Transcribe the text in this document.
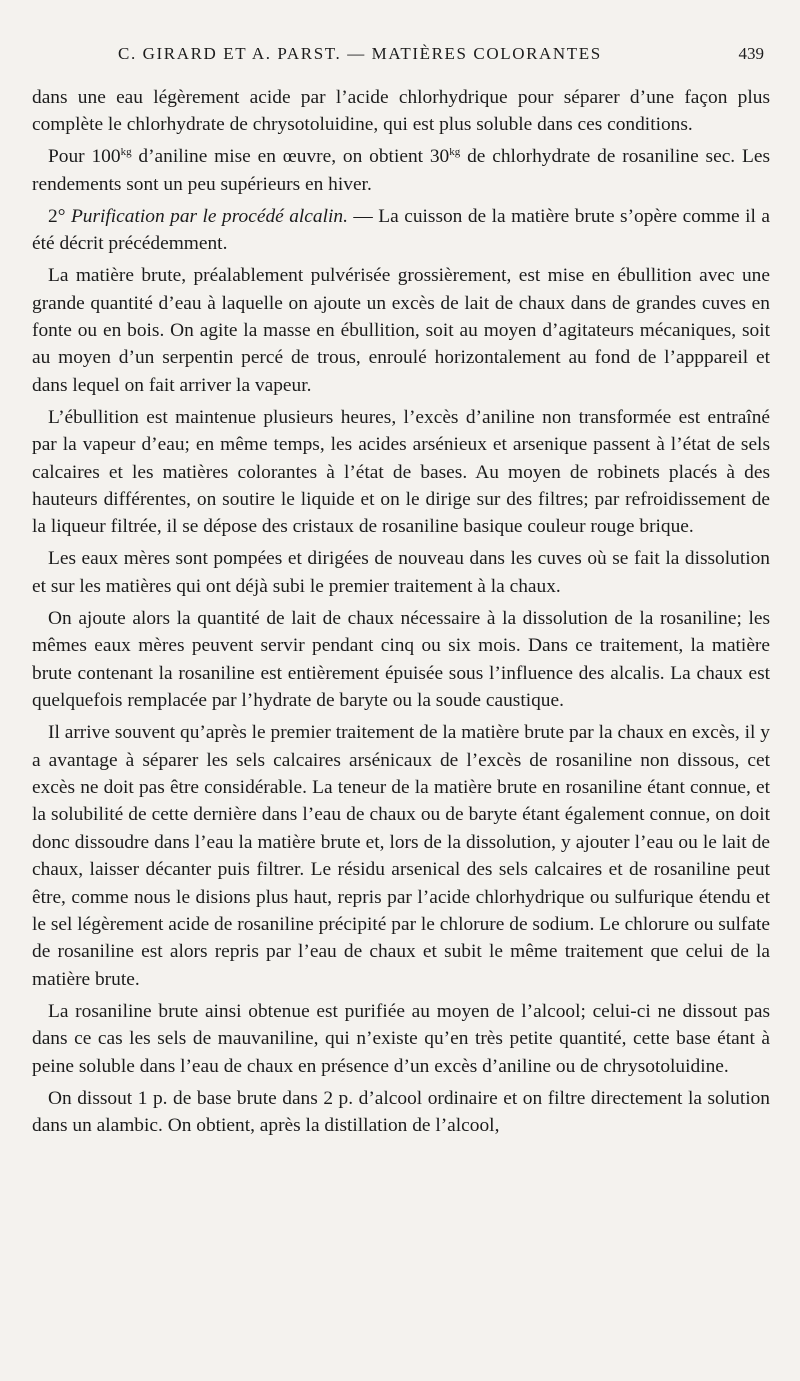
C. GIRARD ET A. PARST. — MATIÈRES COLORANTES	439

dans une eau légèrement acide par l’acide chlorhydrique pour séparer d’une façon plus complète le chlorhydrate de chrysotoluidine, qui est plus soluble dans ces conditions.

Pour $100^{kg}$ d’aniline mise en œuvre, on obtient $30^{kg}$ de chlorhydrate de rosaniline sec. Les rendements sont un peu supérieurs en hiver.

2° Purification par le procédé alcalin. — La cuisson de la matière brute s’opère comme il a été décrit précédemment.

La matière brute, préalablement pulvérisée grossièrement, est mise en ébullition avec une grande quantité d’eau à laquelle on ajoute un excès de lait de chaux dans de grandes cuves en fonte ou en bois. On agite la masse en ébullition, soit au moyen d’agitateurs mécaniques, soit au moyen d’un serpentin percé de trous, enroulé horizontalement au fond de l’apppareil et dans lequel on fait arriver la vapeur.

L’ébullition est maintenue plusieurs heures, l’excès d’aniline non transformée est entraîné par la vapeur d’eau; en même temps, les acides arsénieux et arsenique passent à l’état de sels calcaires et les matières colorantes à l’état de bases. Au moyen de robinets placés à des hauteurs différentes, on soutire le liquide et on le dirige sur des filtres; par refroidissement de la liqueur filtrée, il se dépose des cristaux de rosaniline basique couleur rouge brique.

Les eaux mères sont pompées et dirigées de nouveau dans les cuves où se fait la dissolution et sur les matières qui ont déjà subi le premier traitement à la chaux.

On ajoute alors la quantité de lait de chaux nécessaire à la dissolution de la rosaniline; les mêmes eaux mères peuvent servir pendant cinq ou six mois. Dans ce traitement, la matière brute contenant la rosaniline est entièrement épuisée sous l’influence des alcalis. La chaux est quelquefois remplacée par l’hydrate de baryte ou la soude caustique.

Il arrive souvent qu’après le premier traitement de la matière brute par la chaux en excès, il y a avantage à séparer les sels calcaires arsénicaux de l’excès de rosaniline non dissous, cet excès ne doit pas être considérable. La teneur de la matière brute en rosaniline étant connue, et la solubilité de cette dernière dans l’eau de chaux ou de baryte étant également connue, on doit donc dissoudre dans l’eau la matière brute et, lors de la dissolution, y ajouter l’eau ou le lait de chaux, laisser décanter puis filtrer. Le résidu arsenical des sels calcaires et de rosaniline peut être, comme nous le disions plus haut, repris par l’acide chlorhydrique ou sulfurique étendu et le sel légèrement acide de rosaniline précipité par le chlorure de sodium. Le chlorure ou sulfate de rosaniline est alors repris par l’eau de chaux et subit le même traitement que celui de la matière brute.

La rosaniline brute ainsi obtenue est purifiée au moyen de l’alcool; celui-ci ne dissout pas dans ce cas les sels de mauvaniline, qui n’existe qu’en très petite quantité, cette base étant à peine soluble dans l’eau de chaux en présence d’un excès d’aniline ou de chrysotoluidine.

On dissout 1 p. de base brute dans 2 p. d’alcool ordinaire et on filtre directement la solution dans un alambic. On obtient, après la distillation de l’alcool,
